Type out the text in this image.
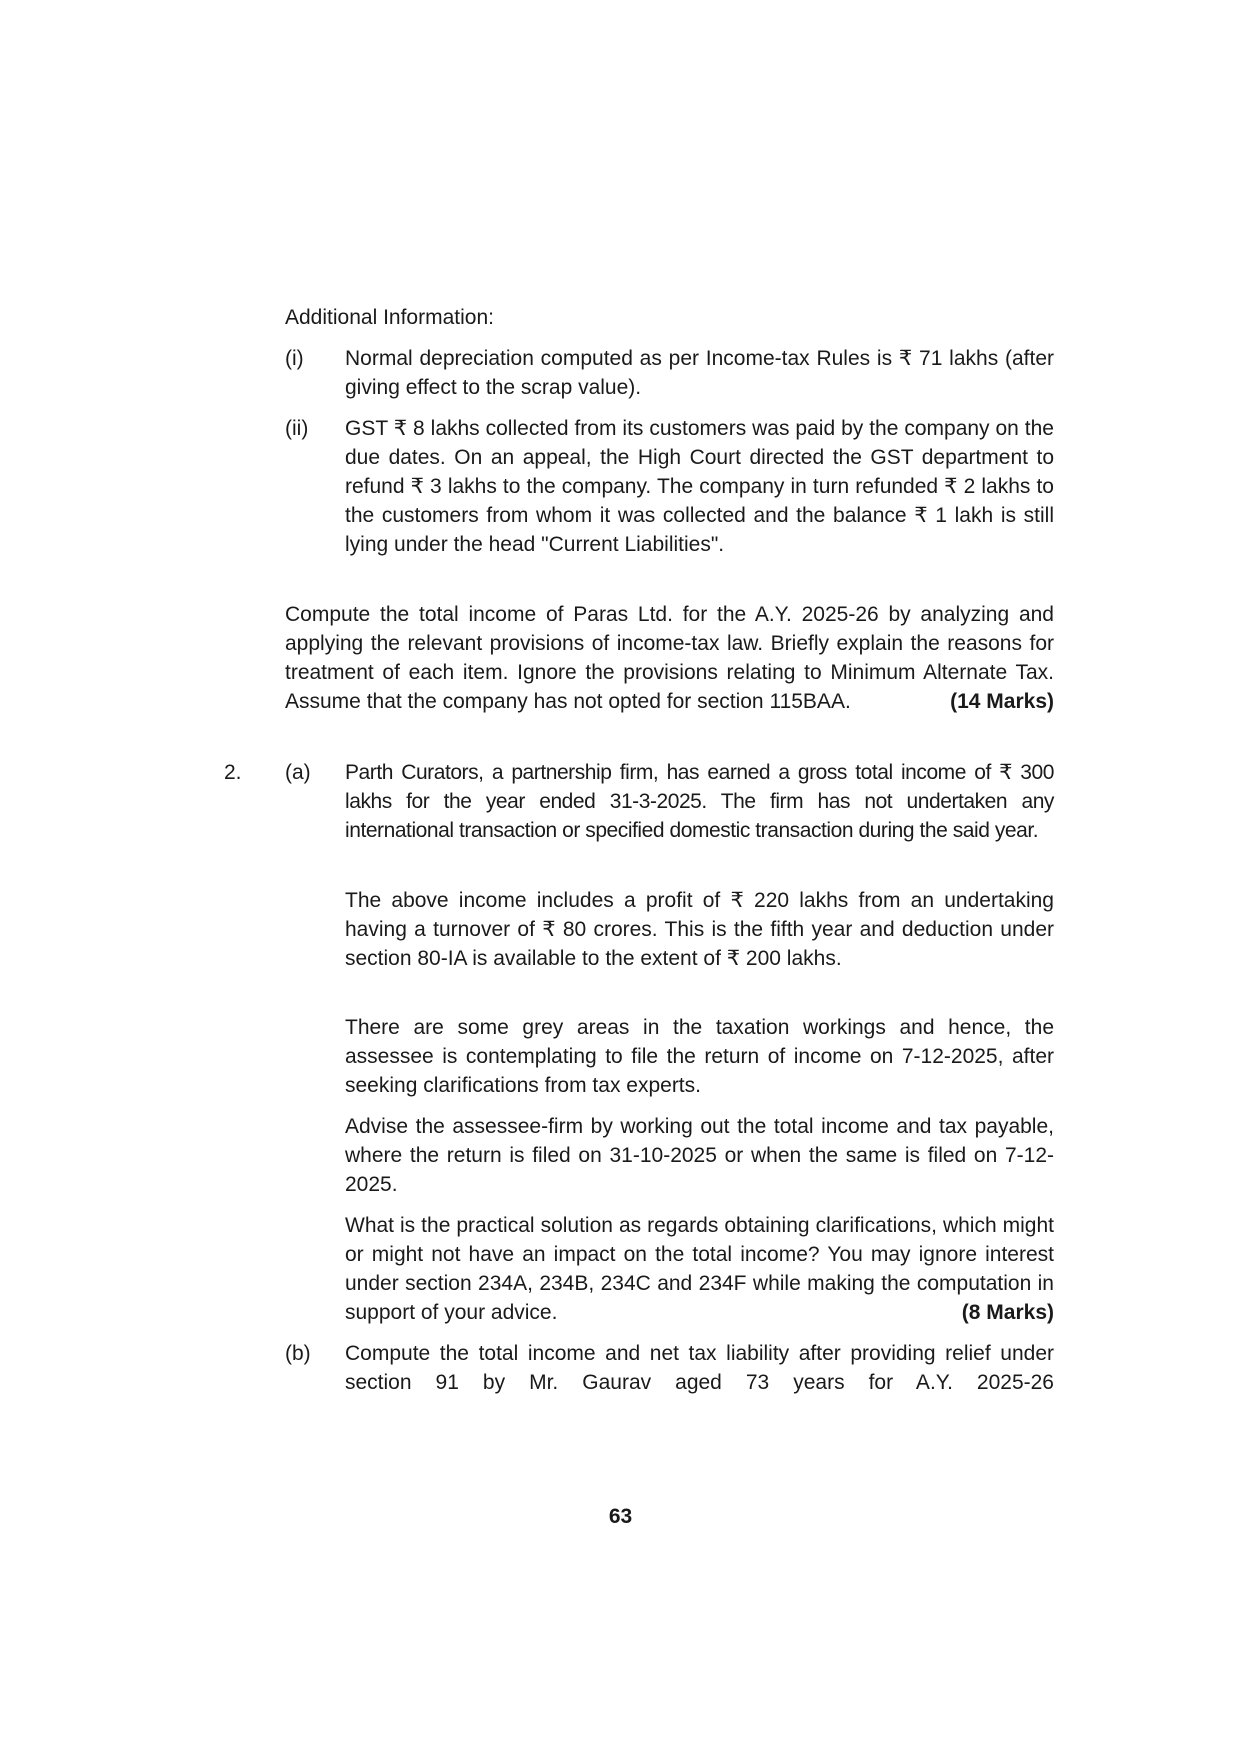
Additional Information:

(i) Normal depreciation computed as per Income-tax Rules is ₹ 71 lakhs (after giving effect to the scrap value).

(ii) GST ₹ 8 lakhs collected from its customers was paid by the company on the due dates. On an appeal, the High Court directed the GST department to refund ₹ 3 lakhs to the company. The company in turn refunded ₹ 2 lakhs to the customers from whom it was collected and the balance ₹ 1 lakh is still lying under the head "Current Liabilities".

Compute the total income of Paras Ltd. for the A.Y. 2025-26 by analyzing and applying the relevant provisions of income-tax law. Briefly explain the reasons for treatment of each item. Ignore the provisions relating to Minimum Alternate Tax. Assume that the company has not opted for section 115BAA.	(14 Marks)

2. (a) Parth Curators, a partnership firm, has earned a gross total income of ₹ 300 lakhs for the year ended 31-3-2025. The firm has not undertaken any international transaction or specified domestic transaction during the said year.

The above income includes a profit of ₹ 220 lakhs from an undertaking having a turnover of ₹ 80 crores. This is the fifth year and deduction under section 80-IA is available to the extent of ₹ 200 lakhs.

There are some grey areas in the taxation workings and hence, the assessee is contemplating to file the return of income on 7-12-2025, after seeking clarifications from tax experts.

Advise the assessee-firm by working out the total income and tax payable, where the return is filed on 31-10-2025 or when the same is filed on 7-12-2025.

What is the practical solution as regards obtaining clarifications, which might or might not have an impact on the total income? You may ignore interest under section 234A, 234B, 234C and 234F while making the computation in support of your advice.	(8 Marks)

(b) Compute the total income and net tax liability after providing relief under section 91 by Mr. Gaurav aged 73 years for A.Y. 2025-26

63
